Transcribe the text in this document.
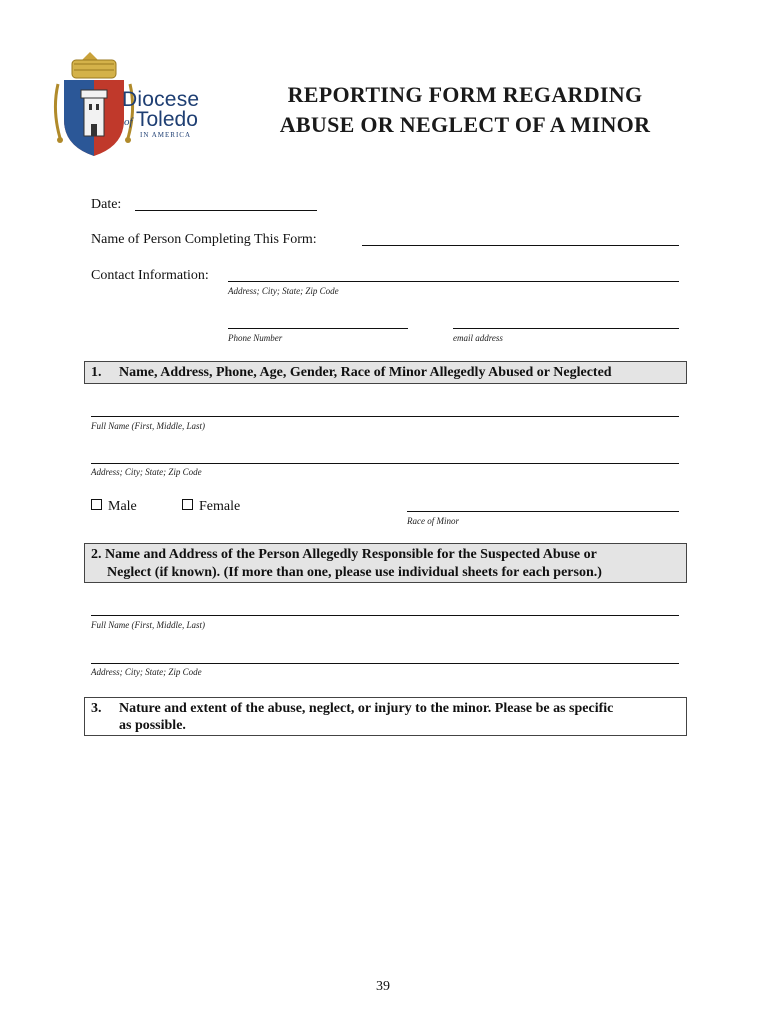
Diocese
of Toledo
IN AMERICA
REPORTING FORM REGARDING
ABUSE OR NEGLECT OF A MINOR
Date:
Name of Person Completing This Form:
Contact Information:
Address; City; State; Zip Code
Phone Number	email address
1. Name, Address, Phone, Age, Gender, Race of Minor Allegedly Abused or Neglected
Full Name (First, Middle, Last)
Address; City; State; Zip Code
Male	Female
Race of Minor
2. Name and Address of the Person Allegedly Responsible for the Suspected Abuse or
Neglect (if known). (If more than one, please use individual sheets for each person.)
Full Name (First, Middle, Last)
Address; City; State; Zip Code
3. Nature and extent of the abuse, neglect, or injury to the minor. Please be as specific
as possible.
39
